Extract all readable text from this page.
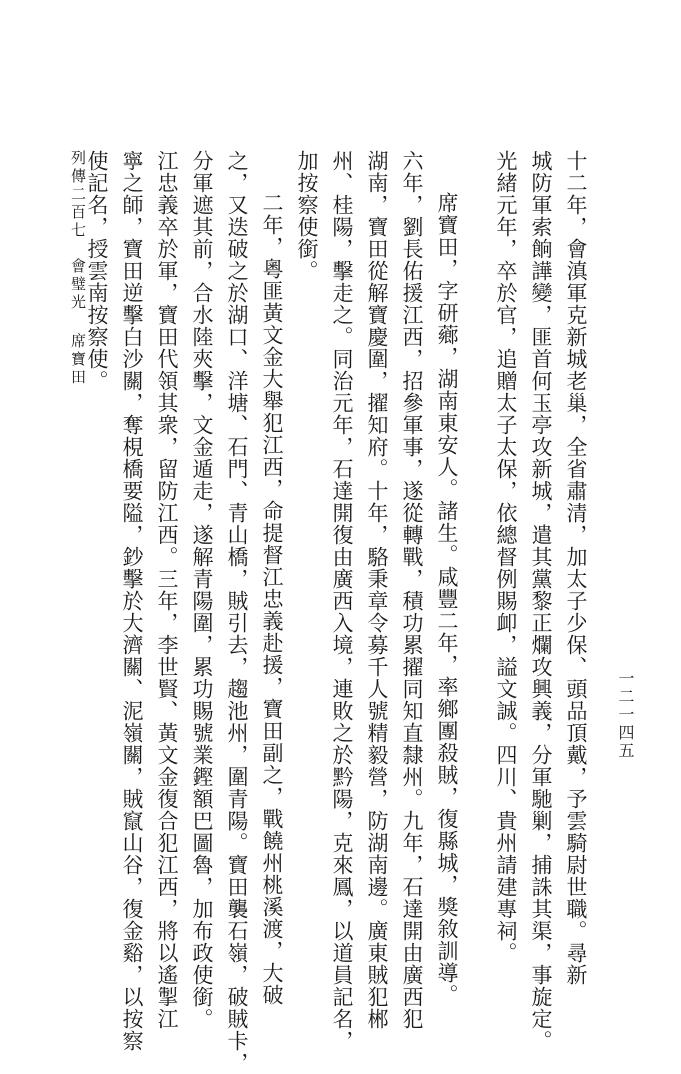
一二一四五

十二年，會滇軍克新城老巢，全省肅清，加太子少保、頭品頂戴，予雲騎尉世職。尋新

城防軍索餉譁變，匪首何玉亭攻新城，遣其黨黎正爛攻興義，分軍馳剿，捕誅其渠，事旋定。

光緒元年，卒於官，追贈太子太保，依總督例賜卹，謚文誠。四川、貴州請建專祠。

席寶田，字研薌，湖南東安人。諸生。咸豐二年，率鄉團殺賊，復縣城，獎敘訓導。

六年，劉長佑援江西，招參軍事，遂從轉戰，積功累擢同知直隸州。九年，石達開由廣西犯

湖南，寶田從解寶慶圍，擢知府。十年，駱秉章令募千人號精毅營，防湖南邊。廣東賊犯郴

州、桂陽，擊走之。同治元年，石達開復由廣西入境，連敗之於黔陽，克來鳳，以道員記名，

加按察使銜。

二年，粵匪黃文金大舉犯江西，命提督江忠義赴援，寶田副之，戰饒州桃溪渡，大破

之，又迭破之於湖口、洋塘、石門、青山橋，賊引去，趨池州，圍青陽。寶田襲石嶺，破賊卡，

分軍遮其前，合水陸夾擊，文金遁走，遂解青陽圍，累功賜號業鏗額巴圖魯，加布政使銜。

江忠義卒於軍，寶田代領其衆，留防江西。三年，李世賢、黃文金復合犯江西，將以遙掣江

寧之師，寶田逆擊白沙關，奪梘橋要隘，鈔擊於大濟關、泥嶺關，賊竄山谷，復金谿，以按察

使記名，授雲南按察使。

列傳二百七會璧光 席寶田
